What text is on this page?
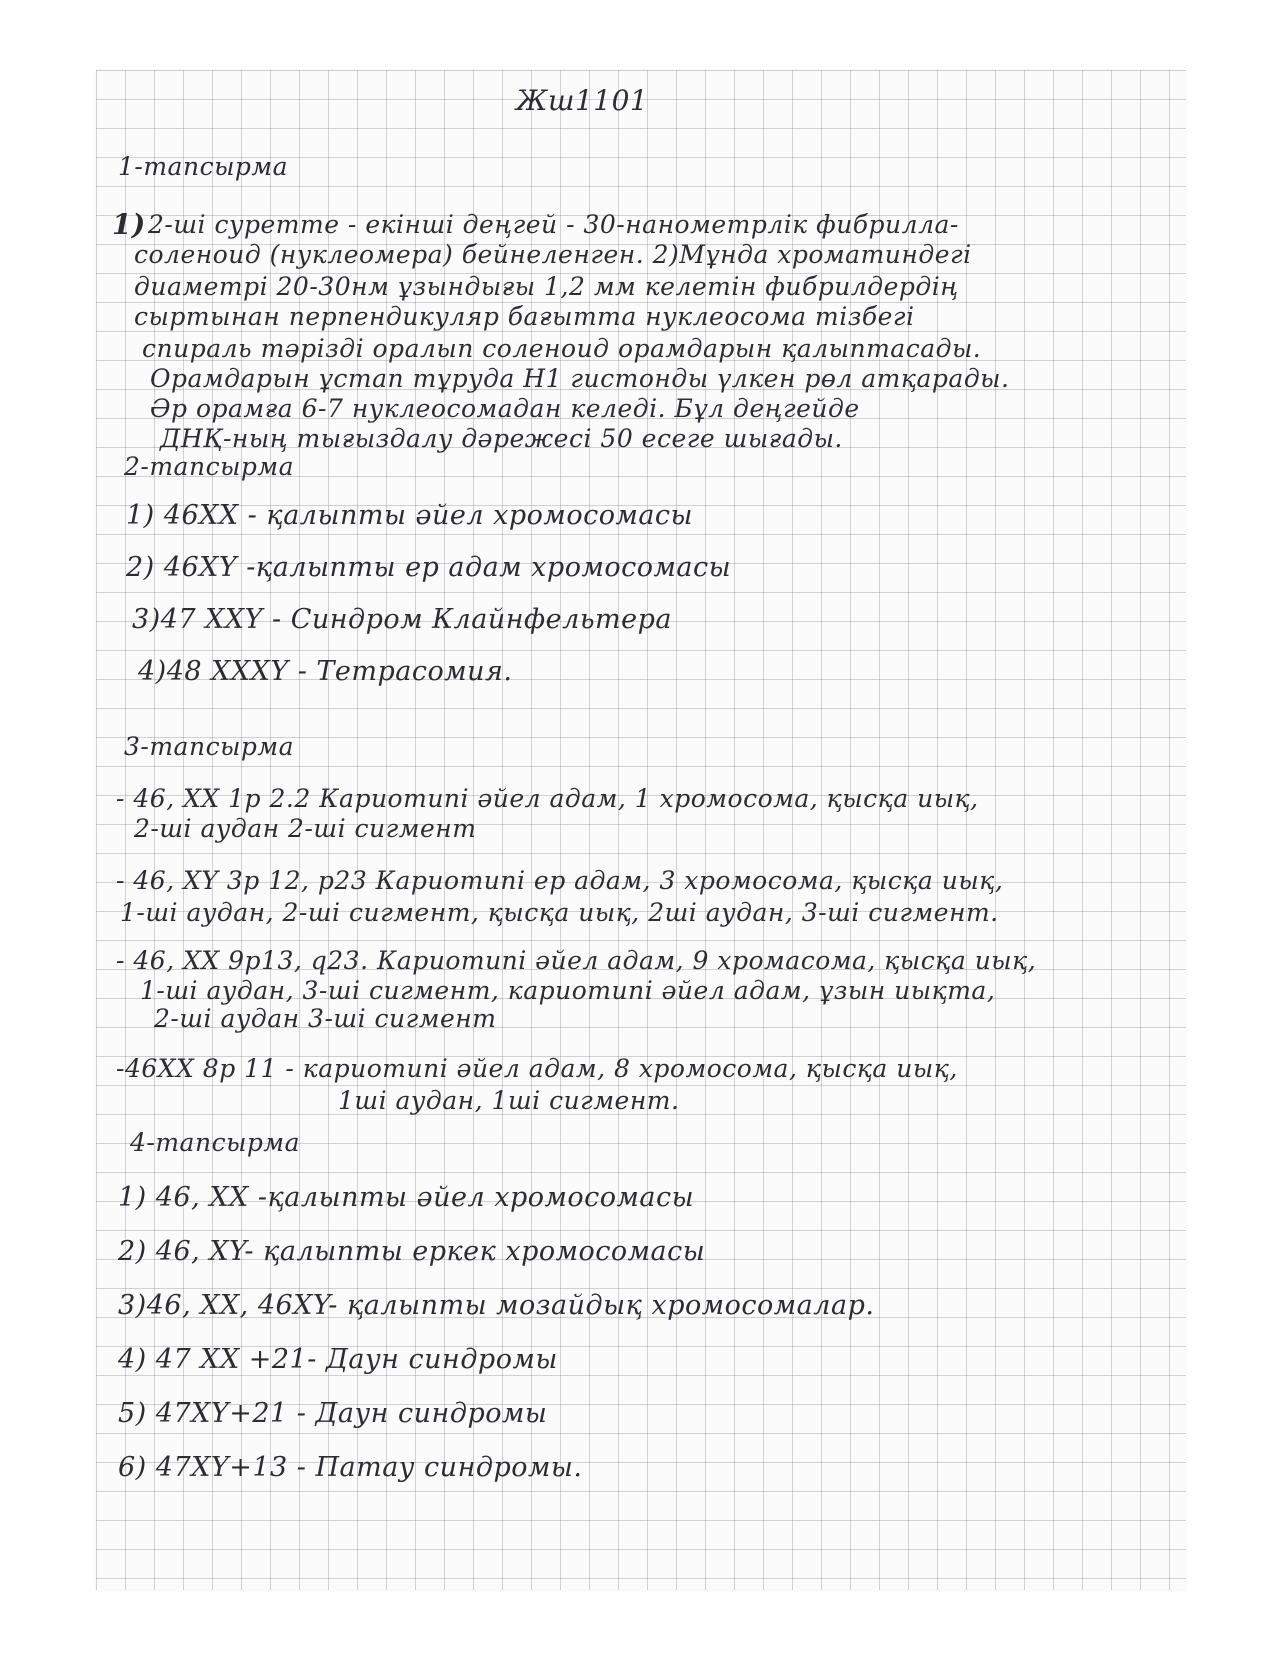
Жш1101
1-тапсырма
1) 2-ші суретте - екінші деңгей - 30-нанометрлік фибрилла-
соленоид (нуклеомера) бейнеленген. 2)Мұнда хроматиндегі
диаметрі 20-30нм ұзындығы 1,2 мм келетін фибрилдердің
сыртынан перпендикуляр бағытта нуклеосома тізбегі
спираль тәрізді оралып соленоид орамдарын қалыптасады.
Орамдарын ұстап тұруда Н1 гистонды үлкен рөл атқарады.
Әр орамға 6-7 нуклеосомадан келеді. Бұл деңгейде
ДНҚ-ның тығыздалу дәрежесі 50 есеге шығады.
2-тапсырма
1) 46XX - қалыпты әйел хромосомасы
2) 46XY -қалыпты ер адам хромосомасы
3)47 XXY - Синдром Клайнфельтера
4)48 XXXY - Тетрасомия.
3-тапсырма
- 46, XX 1p 2.2 Кариотипі әйел адам, 1 хромосома, қысқа иық,
2-ші аудан 2-ші сигмент
- 46, XY 3p 12, p23 Кариотипі ер адам, 3 хромосома, қысқа иық,
1-ші аудан, 2-ші сигмент, қысқа иық, 2ші аудан, 3-ші сигмент.
- 46, XX 9p13, q23. Кариотипі әйел адам, 9 хромасома, қысқа иық,
1-ші аудан, 3-ші сигмент, кариотипі әйел адам, ұзын иықта,
2-ші аудан 3-ші сигмент
-46XX 8p 11 - кариотипі әйел адам, 8 хромосома, қысқа иық,
1ші аудан, 1ші сигмент.
4-тапсырма
1) 46, XX -қалыпты әйел хромосомасы
2) 46, XY- қалыпты еркек хромосомасы
3)46, XX, 46XY- қалыпты мозайдық хромосомалар.
4) 47 XX +21- Даун синдромы
5) 47XY+21 - Даун синдромы
6) 47XY+13 - Патау синдромы.
